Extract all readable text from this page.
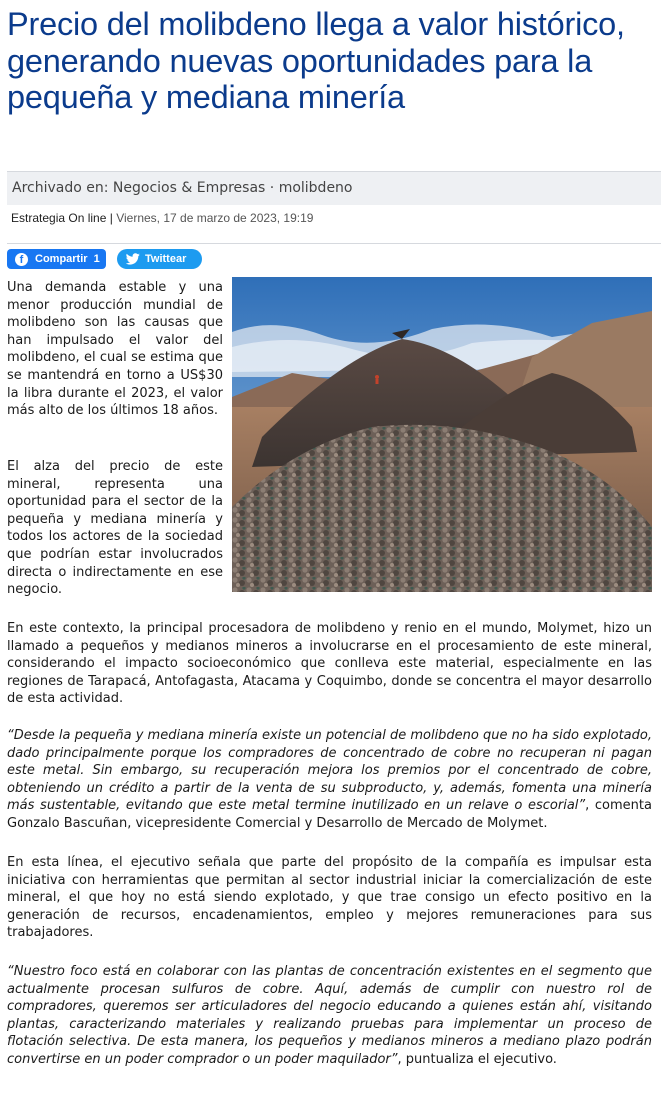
Precio del molibdeno llega a valor histórico, generando nuevas oportunidades para la pequeña y mediana minería
Archivado en: Negocios & Empresas · molibdeno
Estrategia On line | Viernes, 17 de marzo de 2023, 19:19
f	Compartir 1	Twittear

Una demanda estable y una menor producción mundial de molibdeno son las causas que han impulsado el valor del molibdeno, el cual se estima que se mantendrá en torno a US$30 la libra durante el 2023, el valor más alto de los últimos 18 años.

El alza del precio de este mineral, representa una oportunidad para el sector de la pequeña y mediana minería y todos los actores de la sociedad que podrían estar involucrados directa o indirectamente en ese negocio.

En este contexto, la principal procesadora de molibdeno y renio en el mundo, Molymet, hizo un llamado a pequeños y medianos mineros a involucrarse en el procesamiento de este mineral, considerando el impacto socioeconómico que conlleva este material, especialmente en las regiones de Tarapacá, Antofagasta, Atacama y Coquimbo, donde se concentra el mayor desarrollo de esta actividad.

“Desde la pequeña y mediana minería existe un potencial de molibdeno que no ha sido explotado, dado principalmente porque los compradores de concentrado de cobre no recuperan ni pagan este metal. Sin embargo, su recuperación mejora los premios por el concentrado de cobre, obteniendo un crédito a partir de la venta de su subproducto, y, además, fomenta una minería más sustentable, evitando que este metal termine inutilizado en un relave o escorial”, comenta Gonzalo Bascuñan, vicepresidente Comercial y Desarrollo de Mercado de Molymet.

En esta línea, el ejecutivo señala que parte del propósito de la compañía es impulsar esta iniciativa con herramientas que permitan al sector industrial iniciar la comercialización de este mineral, el que hoy no está siendo explotado, y que trae consigo un efecto positivo en la generación de recursos, encadenamientos, empleo y mejores remuneraciones para sus trabajadores.

“Nuestro foco está en colaborar con las plantas de concentración existentes en el segmento que actualmente procesan sulfuros de cobre. Aquí, además de cumplir con nuestro rol de compradores, queremos ser articuladores del negocio educando a quienes están ahí, visitando plantas, caracterizando materiales y realizando pruebas para implementar un proceso de flotación selectiva. De esta manera, los pequeños y medianos mineros a mediano plazo podrán convertirse en un poder comprador o un poder maquilador”, puntualiza el ejecutivo.
